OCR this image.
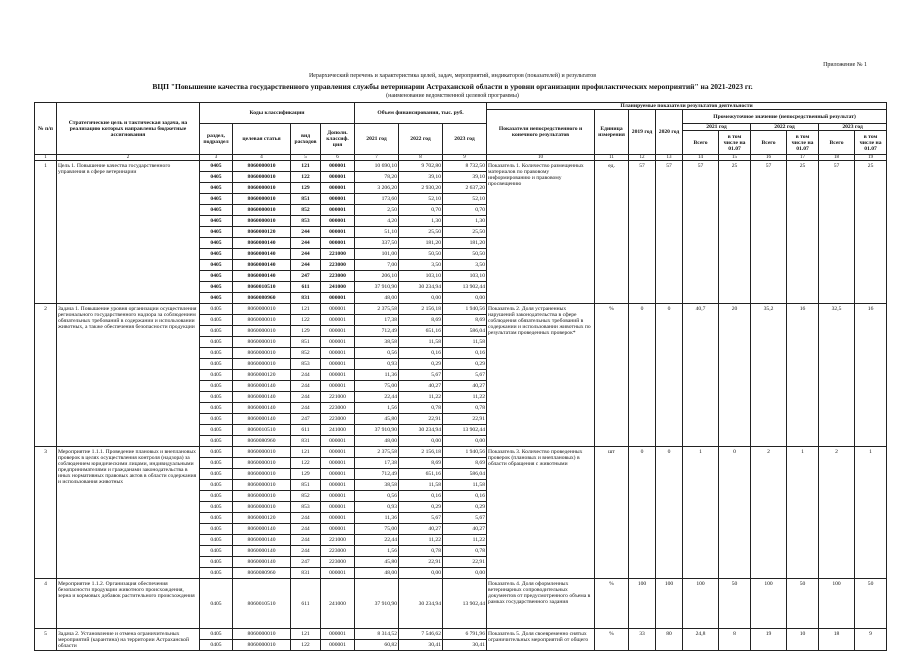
Приложение № 1
Иерархический перечень и характеристика целей, задач, мероприятий, индикаторов (показателей) и результатов
ВЦП "Повышение качества государственного управления службы ветеринарии Астраханской области в уровни организации профилактических мероприятий" на 2021-2023 гг.
(наименование ведомственной целевой программы)
№ п/п	Стратегические цель и тактическая задача, на реализацию которых направлены бюджетные ассигнования	Коды классификации				Объем финансирования, тыс. руб.			Планируемые показатели результатов деятельности									
									Показатели непосредственного и конечного результатов	Единица измерения	2019 год	2020 год	Промежуточное значение (непосредственный результат)					
		раздел, подраздел	целевая статья	вид расходов	Дополн. классиф. ция	2021 год	2022 год	2023 год					2021 год		2022 год		2023 год	
													Всего	в том числе на 01.07	Всего	в том числе на 01.07	Всего	в том числе на 01.07
1	2	3	4	5	6	7	8	9	10	11	12	13	14	15	16	17	18	19
1	Цель 1. Повышение качества государственного управления в сфере ветеринарии	0405	8060000010	121	000001	10 690,10	9 702,80	8 732,50	Показатель 1. Количество размещенных материалов по правовому информированию и правовому просвещению	ед.	57	57	57	25	57	25	57	25
		0405	8060000010	122	000001	78,20	39,10	39,10										
		0405	8060000010	129	000001	3 206,20	2 930,20	2 637,20										
		0405	8060000010	851	000001	173,60	52,10	52,10										
		0405	8060000010	852	000001	2,50	0,70	0,70										
		0405	8060000010	853	000001	4,20	1,30	1,30										
		0405	8060000120	244	000001	51,10	25,50	25,50										
		0405	8060000140	244	000001	337,50	181,20	181,20										
		0405	8060000140	244	221000	101,00	50,50	50,50										
		0405	8060000140	244	223000	7,00	3,50	3,50										
		0405	8060000140	247	223000	206,10	103,10	103,10										
		0405	8060010510	611	241000	37 910,90	30 234,94	13 902,44										
		0405	8060080960	831	000001	48,00	0,00	0,00										
2	Задача 1. Повышение уровня организации осуществления регионального государственного надзора за соблюдением обязательных требований в содержании и использовании животных, а также обеспечения безопасности продукции	0405	8060000010	121	000001	2 375,58	2 156,18	1 940,56	Показатель 2. Доля устраненных нарушений законодательства в сфере соблюдения обязательных требований в содержании и использовании животных по результатам проведенных проверок*	%	0	0	40,7	20	35,2	16	32,5	16
		0405	8060000010	122	000001	17,38	8,69	8,69										
		0405	8060000010	129	000001	712,49	651,16	586,04										
		0405	8060000010	851	000001	38,58	11,58	11,58										
		0405	8060000010	852	000001	0,56	0,16	0,16										
		0405	8060000010	853	000001	0,93	0,29	0,29										
		0405	8060000120	244	000001	11,36	5,67	5,67										
		0405	8060000140	244	000001	75,00	40,27	40,27										
		0405	8060000140	244	221000	22,44	11,22	11,22										
		0405	8060000140	244	223000	1,56	0,78	0,78										
		0405	8060000140	247	223000	45,80	22,91	22,91										
		0405	8060010510	611	241000	37 910,90	30 234,94	13 902,44										
		0405	8060080960	831	000001	48,00	0,00	0,00										
3	Мероприятие 1.1.1. Проведение плановых и внеплановых проверок в целях осуществления контроля (надзора) за соблюдением юридическими лицами, индивидуальными предпринимателями и гражданами законодательства в иных нормативных правовых актов в области содержания и использования животных	0405	8060000010	121	000001	2 375,58	2 156,18	1 940,56	Показатель 3. Количество проведенных проверок (плановых и внеплановых) в области обращения с животными	шт	0	0	1	0	2	1	2	1
		0405	8060000010	122	000001	17,38	8,69	8,69										
		0405	8060000010	129	000001	712,49	651,16	586,04										
		0405	8060000010	851	000001	38,58	11,58	11,58										
		0405	8060000010	852	000001	0,56	0,16	0,16										
		0405	8060000010	853	000001	0,93	0,29	0,29										
		0405	8060000120	244	000001	11,36	5,67	5,67										
		0405	8060000140	244	000001	75,00	40,27	40,27										
		0405	8060000140	244	221000	22,44	11,22	11,22										
		0405	8060000140	244	223000	1,56	0,78	0,78										
		0405	8060000140	247	223000	45,80	22,91	22,91										
		0405	8060080960	831	000001	48,00	0,00	0,00										
4	Мероприятие 1.1.2. Организация обеспечения безопасности продукции животного происхождения, зерна и кормовых добавок растительного происхождения	0405	8060010510	611	241000	37 910,90	30 234,94	13 902,44	Показатель 4. Доля оформленных ветеринарных сопроводительных документов от предусмотренного объема в рамках государственного задания	%	100	100	100	50	100	50	100	50
5	Задача 2. Установление и отмена ограничительных мероприятий (карантина) на территории Астраханской области	0405	8060000010	121	000001	8 314,52	7 546,62	6 791,96	Показатель 5. Доля своевременно снятых ограничительных мероприятий от общего	%	33	80	24,8	8	19	10	18	9
		0405	8060000010	122	000001	60,82	30,41	30,41										
